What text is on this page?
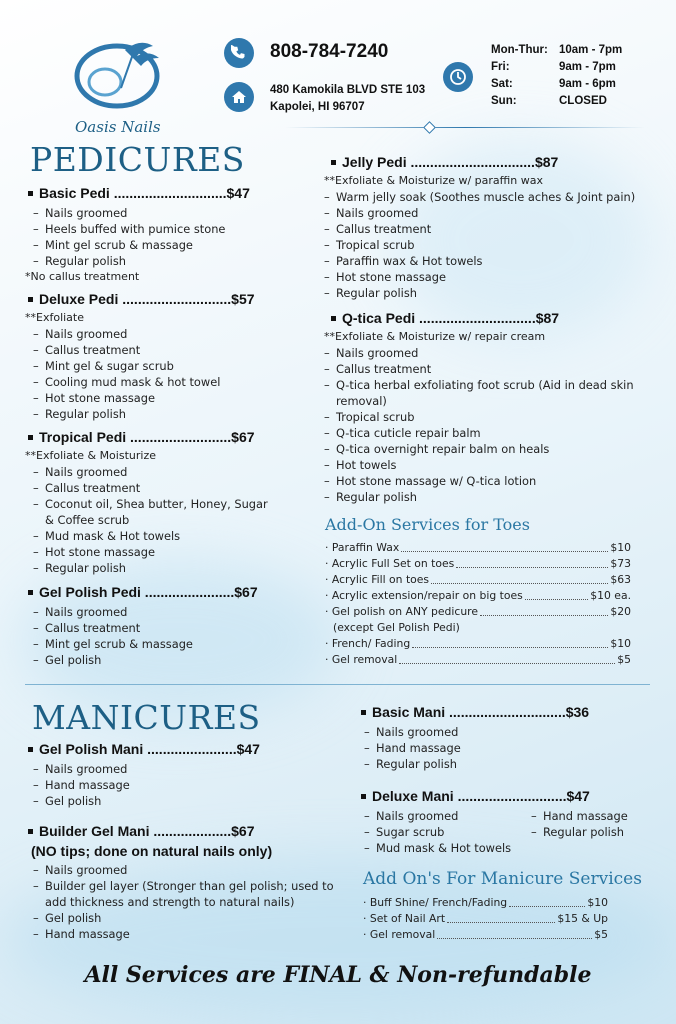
Oasis Nails
808-784-7240
480 Kamokila BLVD STE 103
Kapolei, HI 96707
Mon-Thur: 10am - 7pm
Fri:	9am - 7pm
Sat:	9am - 6pm
Sun:	CLOSED
PEDICURES
Basic Pedi .............................$47
– Nails groomed
– Heels buffed with pumice stone
– Mint gel scrub & massage
– Regular polish
*No callus treatment
Deluxe Pedi ............................$57
**Exfoliate
– Nails groomed
– Callus treatment
– Mint gel & sugar scrub
– Cooling mud mask & hot towel
– Hot stone massage
– Regular polish
Tropical Pedi ..........................$67
**Exfoliate & Moisturize
– Nails groomed
– Callus treatment
– Coconut oil, Shea butter, Honey, Sugar
& Coffee scrub
– Mud mask & Hot towels
– Hot stone massage
– Regular polish
Gel Polish Pedi .......................$67
– Nails groomed
– Callus treatment
– Mint gel scrub & massage
– Gel polish
Jelly Pedi ................................$87
**Exfoliate & Moisturize w/ paraffin wax
– Warm jelly soak (Soothes muscle aches & Joint pain)
– Nails groomed
– Callus treatment
– Tropical scrub
– Paraffin wax & Hot towels
– Hot stone massage
– Regular polish
Q-tica Pedi ..............................$87
**Exfoliate & Moisturize w/ repair cream
– Nails groomed
– Callus treatment
– Q-tica herbal exfoliating foot scrub (Aid in dead skin
removal)
– Tropical scrub
– Q-tica cuticle repair balm
– Q-tica overnight repair balm on heals
– Hot towels
– Hot stone massage w/ Q-tica lotion
– Regular polish
Add-On Services for Toes
· Paraffin Wax	$10
· Acrylic Full Set on toes	$73
· Acrylic Fill on toes	$63
· Acrylic extension/repair on big toes	$10 ea.
· Gel polish on ANY pedicure	$20
(except Gel Polish Pedi)
· French/ Fading	$10
· Gel removal	$5
MANICURES
Gel Polish Mani .......................$47
– Nails groomed
– Hand massage
– Gel polish
Builder Gel Mani ....................$67
(NO tips; done on natural nails only)
– Nails groomed
– Builder gel layer (Stronger than gel polish; used to
add thickness and strength to natural nails)
– Gel polish
– Hand massage
Basic Mani ..............................$36
– Nails groomed
– Hand massage
– Regular polish
Deluxe Mani ............................$47
– Nails groomed
– Sugar scrub
– Mud mask & Hot towels
– Hand massage
– Regular polish
Add On's For Manicure Services
· Buff Shine/ French/Fading	$10
· Set of Nail Art	$15 & Up
· Gel removal	$5
All Services are FINAL & Non-refundable
